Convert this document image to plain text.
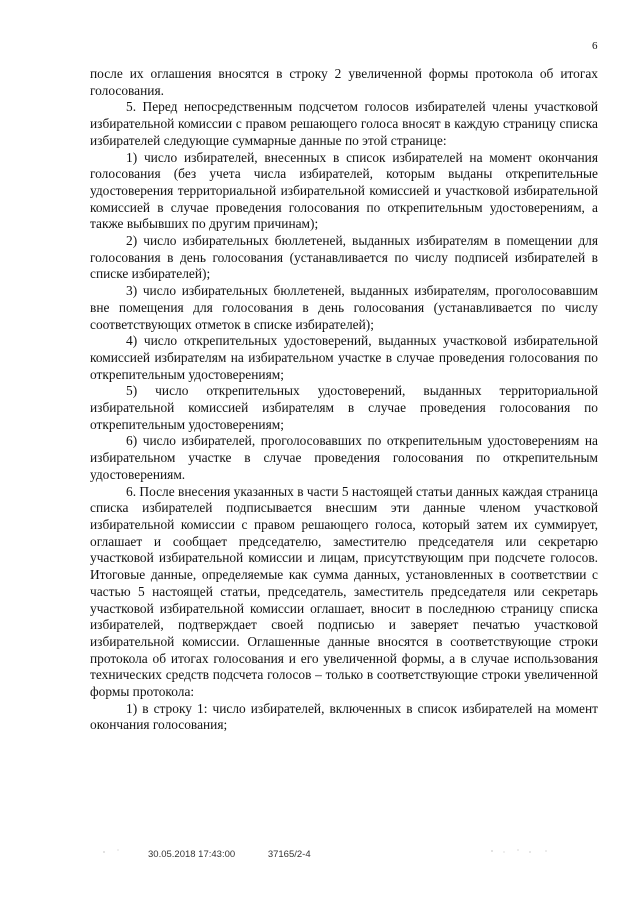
6

после их оглашения вносятся в строку 2 увеличенной формы протокола об итогах голосования.

5. Перед непосредственным подсчетом голосов избирателей члены участковой избирательной комиссии с правом решающего голоса вносят в каждую страницу списка избирателей следующие суммарные данные по этой странице:

1) число избирателей, внесенных в список избирателей на момент окончания голосования (без учета числа избирателей, которым выданы открепительные удостоверения территориальной избирательной комиссией и участковой избирательной комиссией в случае проведения голосования по открепительным удостоверениям, а также выбывших по другим причинам);

2) число избирательных бюллетеней, выданных избирателям в помещении для голосования в день голосования (устанавливается по числу подписей избирателей в списке избирателей);

3) число избирательных бюллетеней, выданных избирателям, проголосовавшим вне помещения для голосования в день голосования (устанавливается по числу соответствующих отметок в списке избирателей);

4) число открепительных удостоверений, выданных участковой избирательной комиссией избирателям на избирательном участке в случае проведения голосования по открепительным удостоверениям;

5) число открепительных удостоверений, выданных территориальной избирательной комиссией избирателям в случае проведения голосования по открепительным удостоверениям;

6) число избирателей, проголосовавших по открепительным удостоверениям на избирательном участке в случае проведения голосования по открепительным удостоверениям.

6. После внесения указанных в части 5 настоящей статьи данных каждая страница списка избирателей подписывается внесшим эти данные членом участковой избирательной комиссии с правом решающего голоса, который затем их суммирует, оглашает и сообщает председателю, заместителю председателя или секретарю участковой избирательной комиссии и лицам, присутствующим при подсчете голосов. Итоговые данные, определяемые как сумма данных, установленных в соответствии с частью 5 настоящей статьи, председатель, заместитель председателя или секретарь участковой избирательной комиссии оглашает, вносит в последнюю страницу списка избирателей, подтверждает своей подписью и заверяет печатью участковой избирательной комиссии. Оглашенные данные вносятся в соответствующие строки протокола об итогах голосования и его увеличенной формы, а в случае использования технических средств подсчета голосов – только в соответствующие строки увеличенной формы протокола:

1) в строку 1: число избирателей, включенных в список избирателей на момент окончания голосования;

30.05.2018 17:43:00	37165/2-4
